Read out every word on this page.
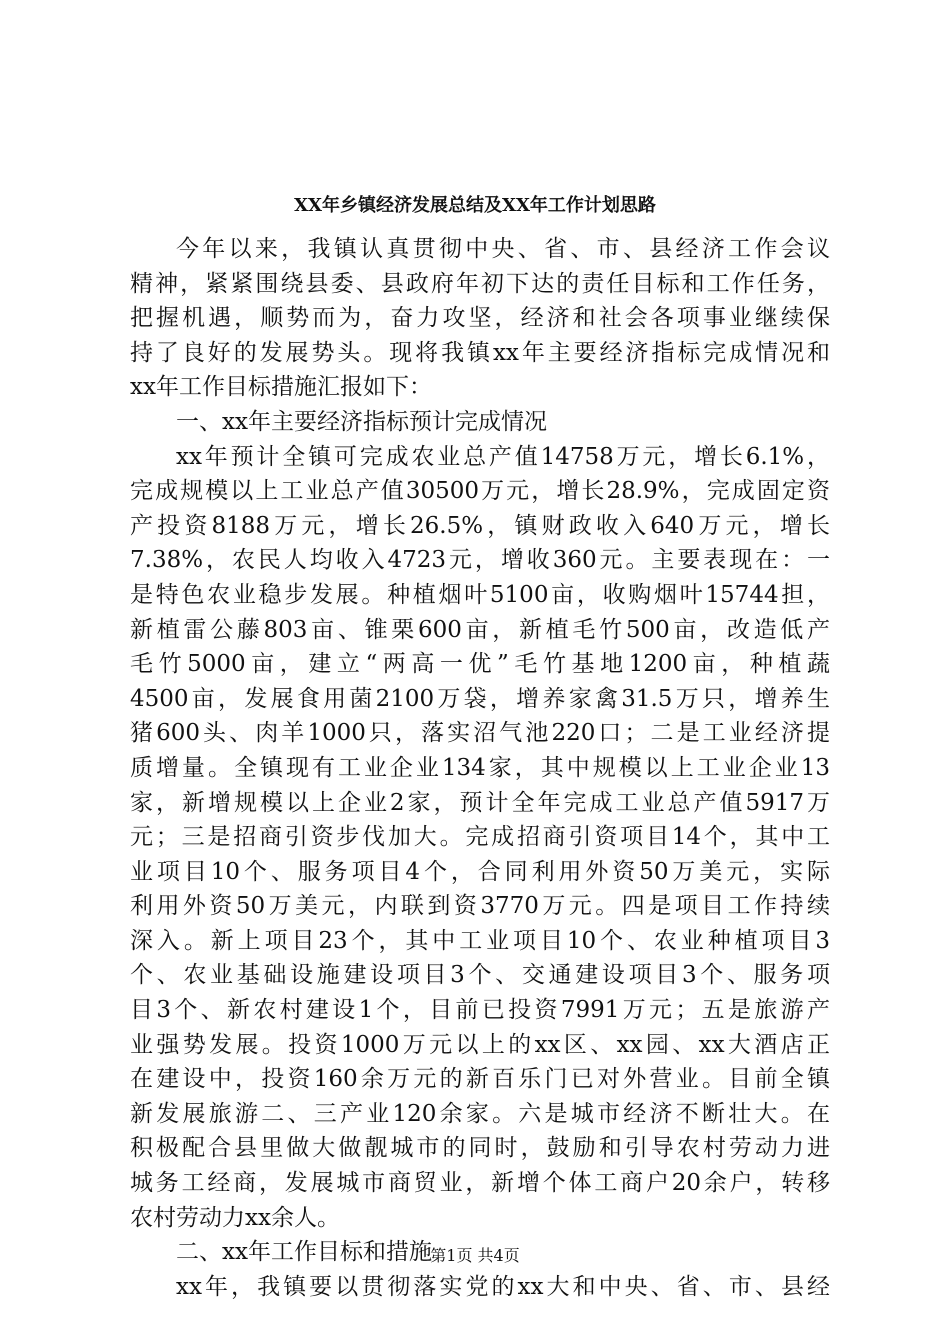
XX年乡镇经济发展总结及XX年工作计划思路
今年以来，我镇认真贯彻中央、省、市、县经济工作会议
精神，紧紧围绕县委、县政府年初下达的责任目标和工作任务，
把握机遇，顺势而为，奋力攻坚，经济和社会各项事业继续保
持了良好的发展势头。现将我镇xx年主要经济指标完成情况和
xx年工作目标措施汇报如下：
一、xx年主要经济指标预计完成情况
xx年预计全镇可完成农业总产值14758万元，增长6.1%，
完成规模以上工业总产值30500万元，增长28.9%，完成固定资
产投资8188万元，增长26.5%，镇财政收入640万元，增长
7.38%，农民人均收入4723元，增收360元。主要表现在：一
是特色农业稳步发展。种植烟叶5100亩，收购烟叶15744担，
新植雷公藤803亩、锥栗600亩，新植毛竹500亩，改造低产
毛竹5000亩，建立“两高一优”毛竹基地1200亩，种植蔬
4500亩，发展食用菌2100万袋，增养家禽31.5万只，增养生
猪600头、肉羊1000只，落实沼气池220口；二是工业经济提
质增量。全镇现有工业企业134家，其中规模以上工业企业13
家，新增规模以上企业2家，预计全年完成工业总产值5917万
元；三是招商引资步伐加大。完成招商引资项目14个，其中工
业项目10个、服务项目4个，合同利用外资50万美元，实际
利用外资50万美元，内联到资3770万元。四是项目工作持续
深入。新上项目23个，其中工业项目10个、农业种植项目3
个、农业基础设施建设项目3个、交通建设项目3个、服务项
目3个、新农村建设1个，目前已投资7991万元；五是旅游产
业强势发展。投资1000万元以上的xx区、xx园、xx大酒店正
在建设中，投资160余万元的新百乐门已对外营业。目前全镇
新发展旅游二、三产业120余家。六是城市经济不断壮大。在
积极配合县里做大做靓城市的同时，鼓励和引导农村劳动力进
城务工经商，发展城市商贸业，新增个体工商户20余户，转移
农村劳动力xx余人。
二、xx年工作目标和措施
xx年，我镇要以贯彻落实党的xx大和中央、省、市、县经
第1页 共4页
